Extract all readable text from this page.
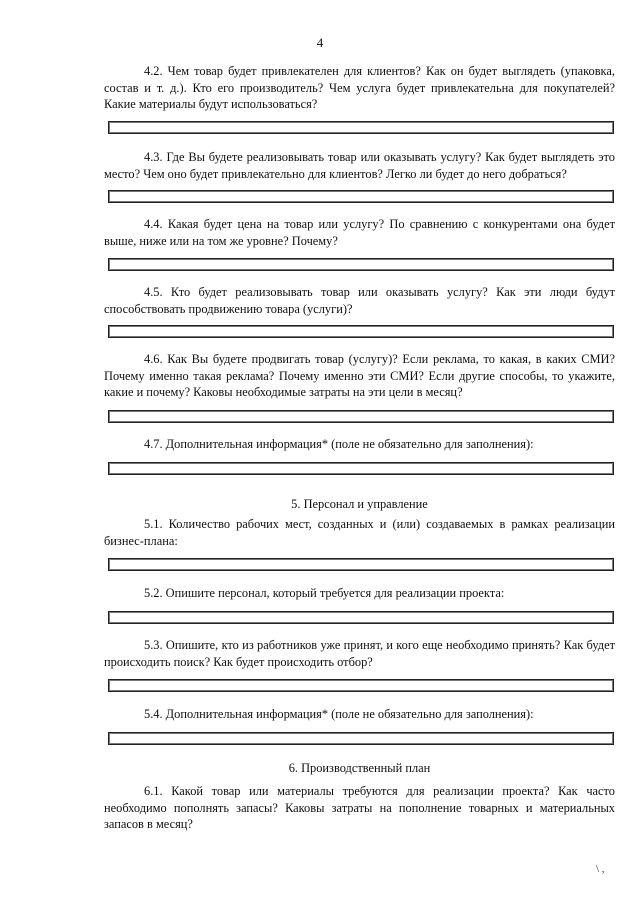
4

4.2. Чем товар будет привлекателен для клиентов? Как он будет выглядеть (упаковка, состав и т. д.). Кто его производитель? Чем услуга будет привлекательна для покупателей? Какие материалы будут использоваться?

4.3. Где Вы будете реализовывать товар или оказывать услугу? Как будет выглядеть это место? Чем оно будет привлекательно для клиентов? Легко ли будет до него добраться?

4.4. Какая будет цена на товар или услугу? По сравнению с конкурентами она будет выше, ниже или на том же уровне? Почему?

4.5. Кто будет реализовывать товар или оказывать услугу? Как эти люди будут способствовать продвижению товара (услуги)?

4.6. Как Вы будете продвигать товар (услугу)? Если реклама, то какая, в каких СМИ? Почему именно такая реклама? Почему именно эти СМИ? Если другие способы, то укажите, какие и почему? Каковы необходимые затраты на эти цели в месяц?

4.7. Дополнительная информация* (поле не обязательно для заполнения):

5. Персонал и управление

5.1. Количество рабочих мест, созданных и (или) создаваемых в рамках реализации бизнес-плана:

5.2. Опишите персонал, который требуется для реализации проекта:

5.3. Опишите, кто из работников уже принят, и кого еще необходимо принять? Как будет происходить поиск? Как будет происходить отбор?

5.4. Дополнительная информация* (поле не обязательно для заполнения):

6. Производственный план

6.1. Какой товар или материалы требуются для реализации проекта? Как часто необходимо пополнять запасы? Каковы затраты на пополнение товарных и материальных запасов в месяц?

\ ,
